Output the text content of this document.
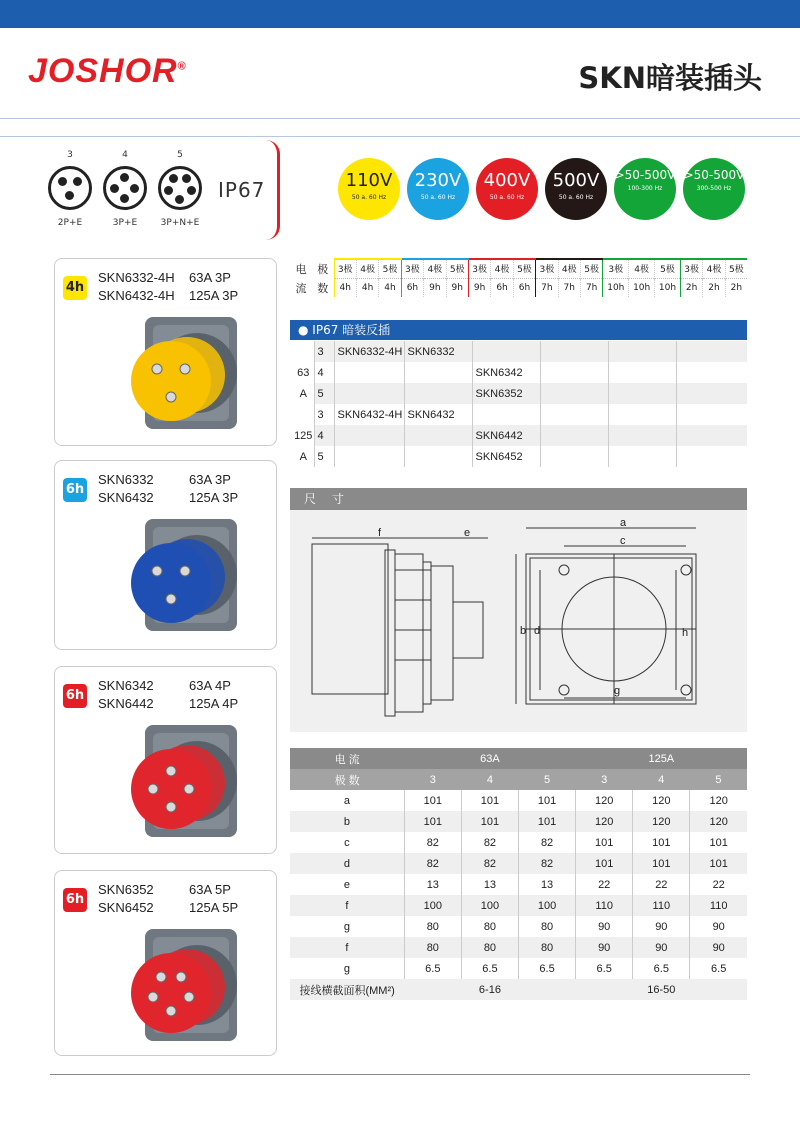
JOSHOR®	SKN暗装插头
3	4	5
2P+E	3P+E	3P+N+E
IP67	110V
50 a. 60 Hz
230V
50 a. 60 Hz
400V
50 a. 60 Hz
500V
50 a. 60 Hz
>50-500V
100-300 Hz
>50-500V
300-500 Hz
4h
SKN6332-4H
SKN6432-4H
63A 3P
125A 3P
6h
SKN6332
SKN6432
63A 3P
125A 3P
6h
SKN6342
SKN6442
63A 4P
125A 4P
6h
SKN6352
SKN6452
63A 5P
125A 5P
电	极	3极	4极	5极	3极	4极	5极	3极	4极	5极	3极	4极	5极	3极	4极	5极	3极	4极	5极
流	数	4h	4h	4h	6h	9h	9h	9h	6h	6h	7h	7h	7h	10h	10h	10h	2h	2h	2h
● IP67 暗装反插
	3	SKN6332-4H	SKN6332				
63	4			SKN6342			
A	5			SKN6352			
	3	SKN6432-4H	SKN6432				
125	4			SKN6442			
A	5			SKN6452			
尺 寸
f	e
a
c
b d
g
h
电 流	63A			125A		
极 数	3	4	5	3	4	5
a	101	101	101	120	120	120
b	101	101	101	120	120	120
c	82	82	82	101	101	101
d	82	82	82	101	101	101
e	13	13	13	22	22	22
f	100	100	100	110	110	110
g	80	80	80	90	90	90
f	80	80	80	90	90	90
g	6.5	6.5	6.5	6.5	6.5	6.5
接线横截面积(MM²)	6-16			16-50		
